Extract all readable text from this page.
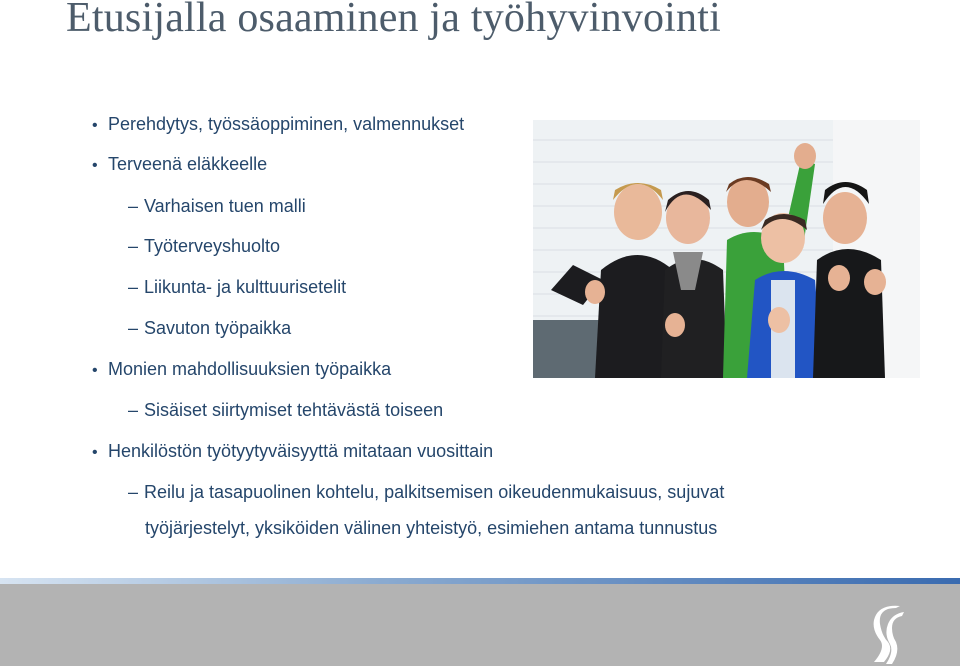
Etusijalla osaaminen ja työhyvinvointi
• Perehdytys, työssäoppiminen, valmennukset
• Terveenä eläkkeelle
– Varhaisen tuen malli
– Työterveyshuolto
– Liikunta- ja kulttuurisetelit
– Savuton työpaikka
• Monien mahdollisuuksien työpaikka
– Sisäiset siirtymiset tehtävästä toiseen
• Henkilöstön työtyytyväisyyttä mitataan vuosittain
– Reilu ja tasapuolinen kohtelu, palkitsemisen oikeudenmukaisuus, sujuvat
työjärjestelyt, yksiköiden välinen yhteistyö, esimiehen antama tunnustus
